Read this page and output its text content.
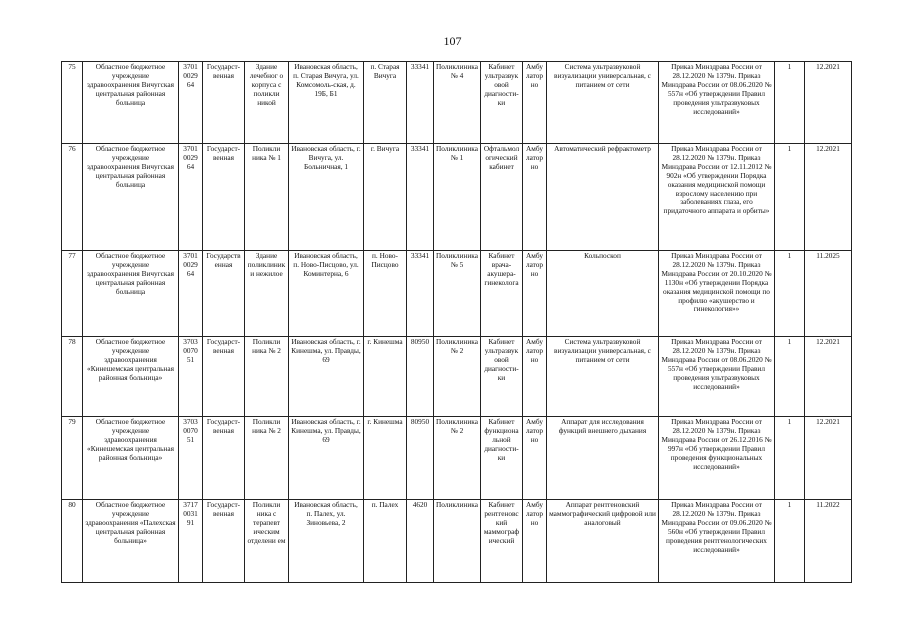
107
75	Областное бюджетное учреждение здравоохранения Вичугская центральная районная больница	3701 0029 64	Государст-венная	Здание лечебног о корпуса с поликли никой	Ивановская область, п. Старая Вичуга, ул. Комсомоль-ская, д. 19Б, Б1	п. Старая Вичуга	33341	Поликлиника № 4	Кабинет ультразвук овой диагности-ки	Амбулаторно	Система ультразвуковой визуализации универсальная, с питанием от сети	Приказ Минздрава России от 28.12.2020 № 1379н. Приказ Минздрава России от 08.06.2020 № 557н «Об утверждении Правил проведения ультразвуковых исследований»	1	12.2021
76	Областное бюджетное учреждение здравоохранения Вичугская центральная районная больница	3701 0029 64	Государст-венная	Поликли ника № 1	Ивановская область, г. Вичуга, ул. Больничная, 1	г. Вичуга	33341	Поликлиника № 1	Офтальмол огический кабинет	Амбулаторно	Автоматический рефрактометр	Приказ Минздрава России от 28.12.2020 № 1379н. Приказ Минздрава России от 12.11.2012 № 902н «Об утверждении Порядка оказания медицинской помощи взрослому населению при заболеваниях глаза, его придаточного аппарата и орбиты»	1	12.2021
77	Областное бюджетное учреждение здравоохранения Вичугская центральная районная больница	3701 0029 64	Государственная	Здание поликлиники нежилое	Ивановская область, п. Ново-Писцово, ул. Коминтерна, 6	п. Ново-Писцово	33341	Поликлиника № 5	Кабинет врача-акушера-гинеколога	Амбулаторно	Кольпоскоп	Приказ Минздрава России от 28.12.2020 № 1379н. Приказ Минздрава России от 20.10.2020 № 1130н «Об утверждении Порядка оказания медицинской помощи по профилю «акушерство и гинекология»»	1	11.2025
78	Областное бюджетное учреждение здравоохранения «Кинешемская центральная районная больница»	3703 0070 51	Государст-венная	Поликли ника № 2	Ивановская область, г. Кинешма, ул. Правды, 69	г. Кинешма	80950	Поликлиника № 2	Кабинет ультразвук овой диагности-ки	Амбулаторно	Система ультразвуковой визуализации универсальная, с питанием от сети	Приказ Минздрава России от 28.12.2020 № 1379н. Приказ Минздрава России от 08.06.2020 № 557н «Об утверждении Правил проведения ультразвуковых исследований»	1	12.2021
79	Областное бюджетное учреждение здравоохранения «Кинешемская центральная районная больница»	3703 0070 51	Государст-венная	Поликли ника № 2	Ивановская область, г. Кинешма, ул. Правды, 69	г. Кинешма	80950	Поликлиника № 2	Кабинет функциональной диагности-ки	Амбулаторно	Аппарат для исследования функций внешнего дыхания	Приказ Минздрава России от 28.12.2020 № 1379н. Приказ Минздрава России от 26.12.2016 № 997н «Об утверждении Правил проведения функциональных исследований»	1	12.2021
80	Областное бюджетное учреждение здравоохранения «Палехская центральная районная больница»	3717 0031 91	Государст-венная	Поликли ника с терапевт ическим отделени ем	Ивановская область, п. Палех, ул. Зиновьева, 2	п. Палех	4620	Поликлиника	Кабинет рентгеновский маммографический	Амбулаторно	Аппарат рентгеновский маммографический цифровой или аналоговый	Приказ Минздрава России от 28.12.2020 № 1379н. Приказ Минздрава России от 09.06.2020 № 560н «Об утверждении Правил проведения рентгенологических исследований»	1	11.2022
